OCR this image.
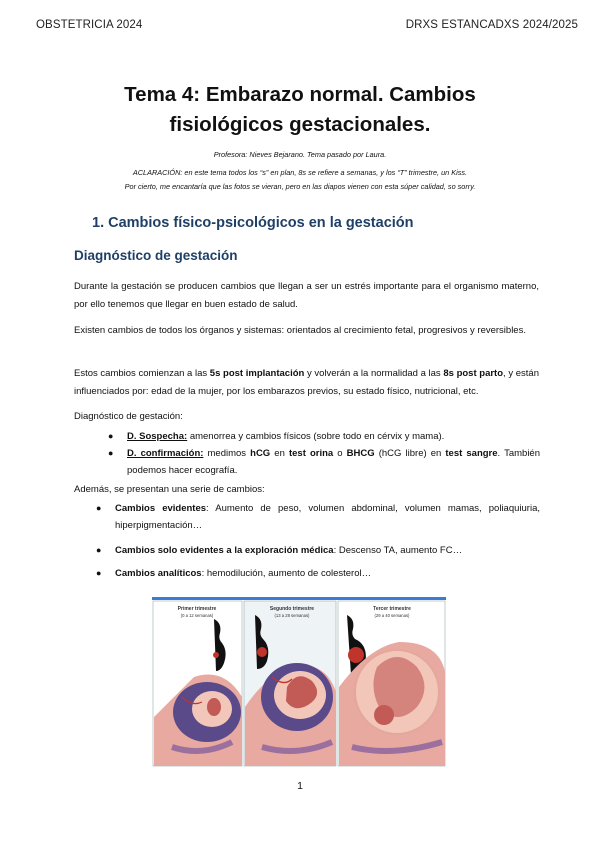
OBSTETRICIA 2024	DRXS ESTANCADXS 2024/2025
Tema 4: Embarazo normal. Cambios
fisiológicos gestacionales.
Profesora: Nieves Bejarano. Tema pasado por Laura.
ACLARACIÓN: en este tema todos los “s” en plan, 8s se refiere a semanas, y los “T” trimestre, un Kiss.
Por cierto, me encantaría que las fotos se vieran, pero en las diapos vienen con esta súper calidad, so sorry.
1. Cambios físico-psicológicos en la gestación
Diagnóstico de gestación
Durante la gestación se producen cambios que llegan a ser un estrés importante para el organismo materno, por ello tenemos que llegar en buen estado de salud.
Existen cambios de todos los órganos y sistemas: orientados al crecimiento fetal, progresivos y reversibles.
Estos cambios comienzan a las 5s post implantación y volverán a la normalidad a las 8s post parto, y están influenciados por: edad de la mujer, por los embarazos previos, su estado físico, nutricional, etc.
Diagnóstico de gestación:
● D. Sospecha: amenorrea y cambios físicos (sobre todo en cérvix y mama).
● D. confirmación: medimos hCG en test orina o BHCG (hCG libre) en test sangre. También podemos hacer ecografía.
Además, se presentan una serie de cambios:
● Cambios evidentes: Aumento de peso, volumen abdominal, volumen mamas, poliaquiuria, hiperpigmentación…
● Cambios solo evidentes a la exploración médica: Descenso TA, aumento FC…
● Cambios analíticos: hemodilución, aumento de colesterol…
Primer trimestre
(0 a 12 semanas)
Segundo trimestre
(13 a 28 semanas)
Tercer trimestre
(29 a 40 semanas)
1
